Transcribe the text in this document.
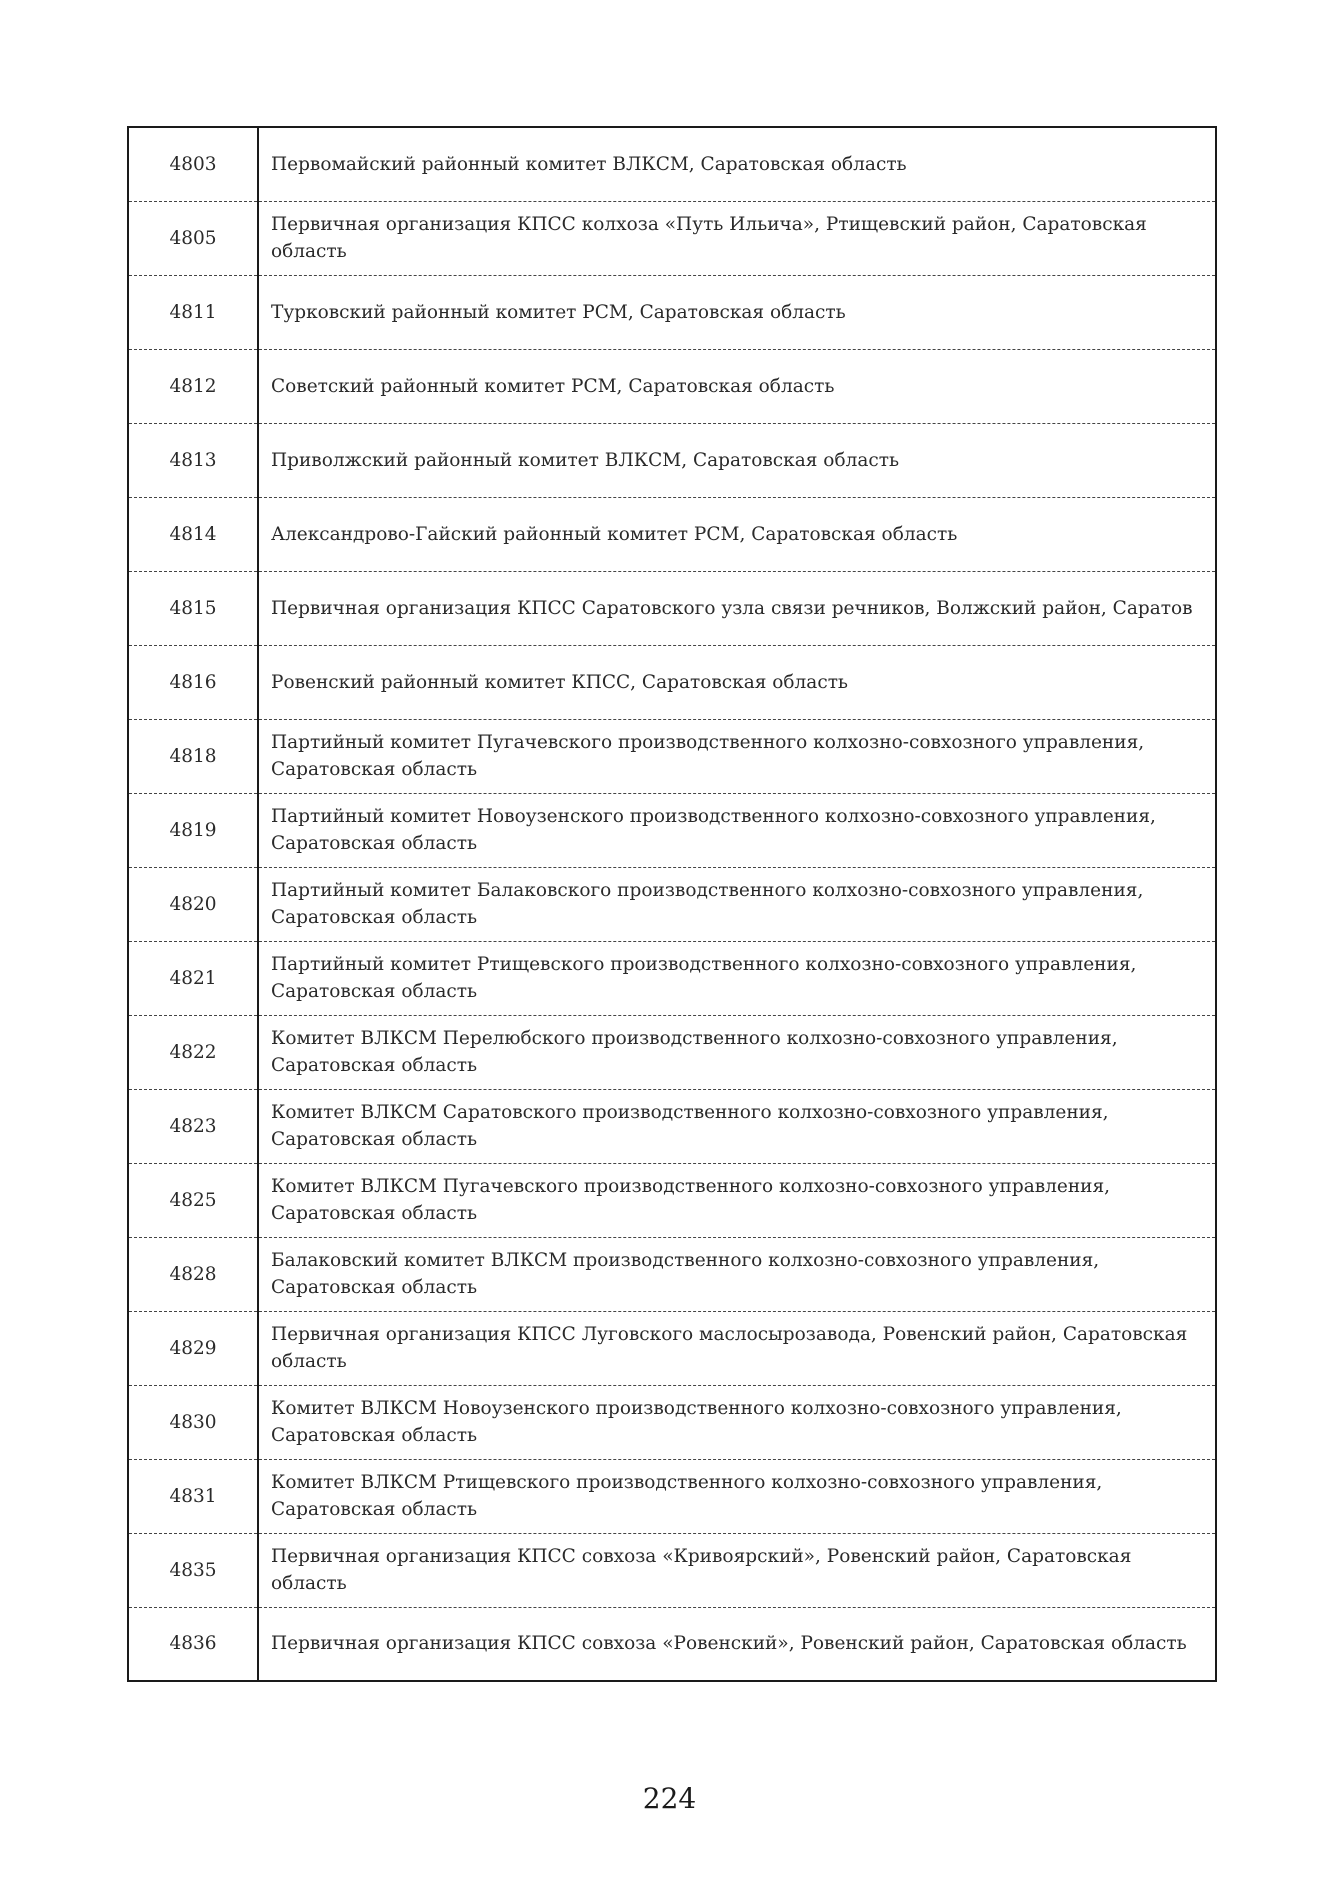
4803	Первомайский районный комитет ВЛКСМ, Саратовская область
4805	Первичная организация КПСС колхоза «Путь Ильича», Ртищевский район, Саратовская область
4811	Турковский районный комитет РСМ, Саратовская область
4812	Советский районный комитет РСМ, Саратовская область
4813	Приволжский районный комитет ВЛКСМ, Саратовская область
4814	Александрово-Гайский районный комитет РСМ, Саратовская область
4815	Первичная организация КПСС Саратовского узла связи речников, Волжский район, Саратов
4816	Ровенский районный комитет КПСС, Саратовская область
4818	Партийный комитет Пугачевского производственного колхозно-совхозного управления, Саратовская область
4819	Партийный комитет Новоузенского производственного колхозно-совхозного управления, Саратовская область
4820	Партийный комитет Балаковского производственного колхозно-совхозного управления, Саратовская область
4821	Партийный комитет Ртищевского производственного колхозно-совхозного управления, Саратовская область
4822	Комитет ВЛКСМ Перелюбского производственного колхозно-совхозного управления, Саратовская область
4823	Комитет ВЛКСМ Саратовского производственного колхозно-совхозного управления, Саратовская область
4825	Комитет ВЛКСМ Пугачевского производственного колхозно-совхозного управления, Саратовская область
4828	Балаковский комитет ВЛКСМ производственного колхозно-совхозного управления, Саратовская область
4829	Первичная организация КПСС Луговского маслосырозавода, Ровенский район, Саратовская область
4830	Комитет ВЛКСМ Новоузенского производственного колхозно-совхозного управления, Саратовская область
4831	Комитет ВЛКСМ Ртищевского производственного колхозно-совхозного управления, Саратовская область
4835	Первичная организация КПСС совхоза «Кривоярский», Ровенский район, Саратовская область
4836	Первичная организация КПСС совхоза «Ровенский», Ровенский район, Саратовская область
224
